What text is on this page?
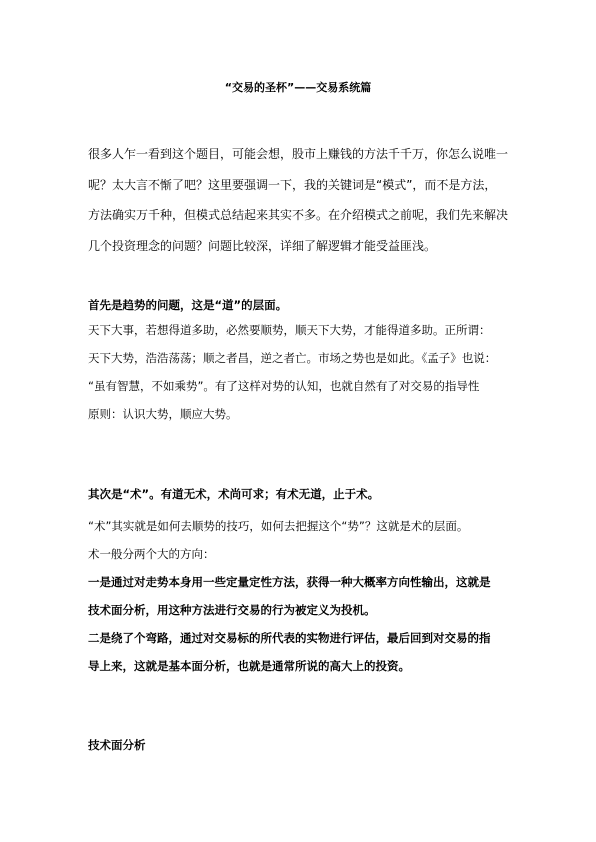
“交易的圣杯”——交易系统篇
很多人乍一看到这个题目，可能会想，股市上赚钱的方法千千万，你怎么说唯一
呢？太大言不惭了吧？这里要强调一下，我的关键词是“模式”，而不是方法，
方法确实万千种，但模式总结起来其实不多。在介绍模式之前呢，我们先来解决
几个投资理念的问题？问题比较深，详细了解逻辑才能受益匪浅。
首先是趋势的问题，这是“道”的层面。
天下大事，若想得道多助，必然要顺势，顺天下大势，才能得道多助。正所谓：
天下大势，浩浩荡荡；顺之者昌，逆之者亡。市场之势也是如此。《孟子》也说：
“虽有智慧，不如乘势”。有了这样对势的认知，也就自然有了对交易的指导性
原则：认识大势，顺应大势。
其次是“术”。有道无术，术尚可求；有术无道，止于术。
“术”其实就是如何去顺势的技巧，如何去把握这个“势”？这就是术的层面。
术一般分两个大的方向：
一是通过对走势本身用一些定量定性方法，获得一种大概率方向性输出，这就是
技术面分析，用这种方法进行交易的行为被定义为投机。
二是绕了个弯路，通过对交易标的所代表的实物进行评估，最后回到对交易的指
导上来，这就是基本面分析，也就是通常所说的高大上的投资。
技术面分析
